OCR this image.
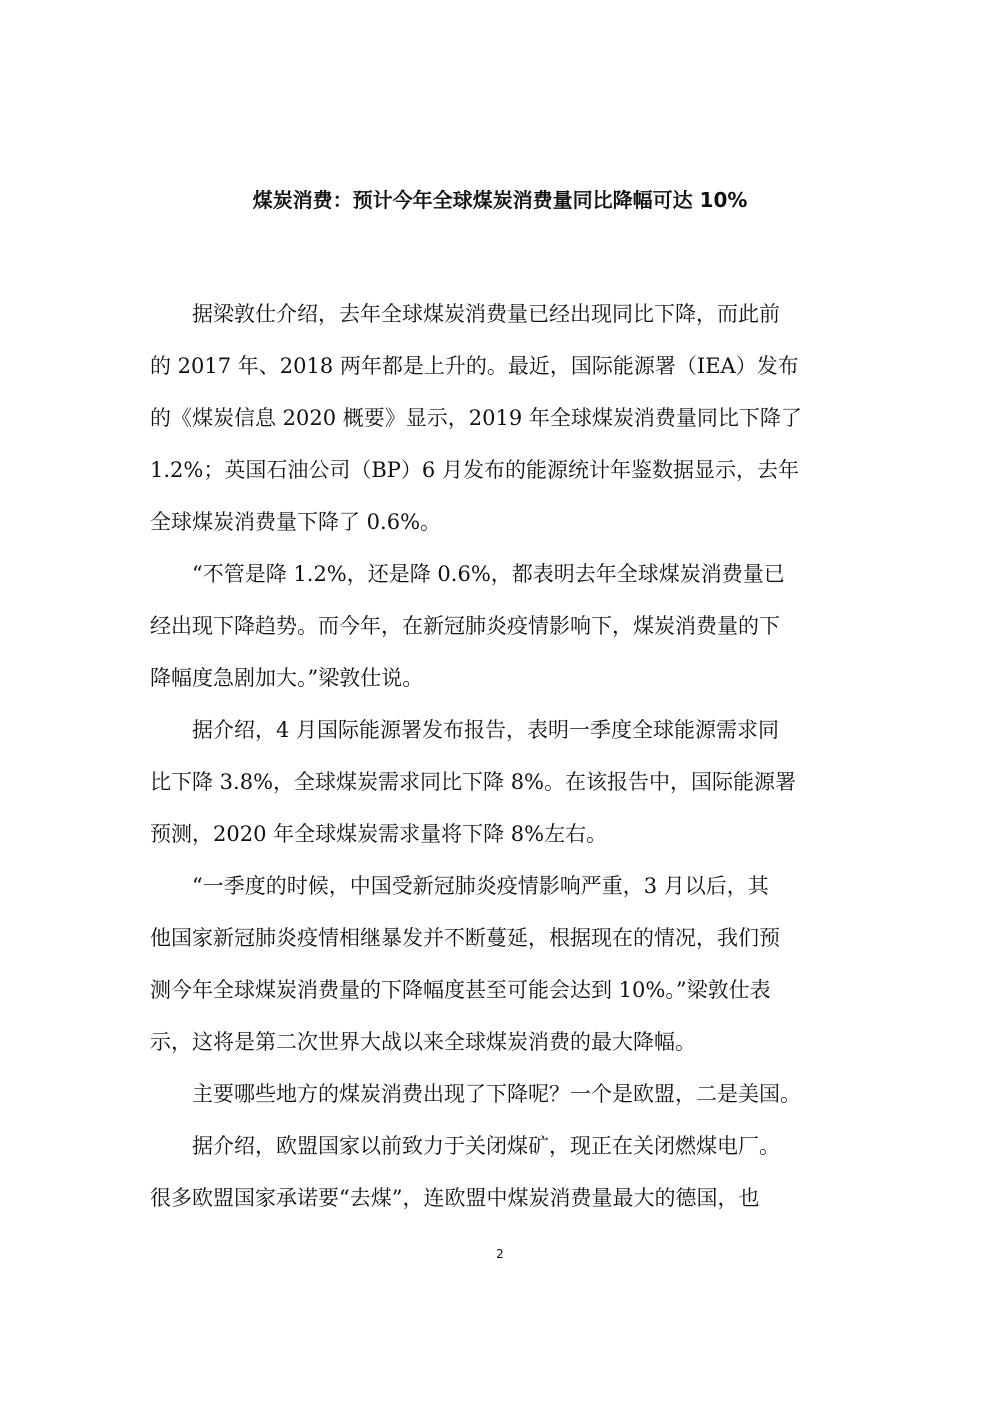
煤炭消费：预计今年全球煤炭消费量同比降幅可达 10%
据梁敦仕介绍，去年全球煤炭消费量已经出现同比下降，而此前
的 2017 年、2018 两年都是上升的。最近，国际能源署（IEA）发布
的《煤炭信息 2020 概要》显示，2019 年全球煤炭消费量同比下降了
1.2%；英国石油公司（BP）6 月发布的能源统计年鉴数据显示，去年
全球煤炭消费量下降了 0.6%。
“不管是降 1.2%，还是降 0.6%，都表明去年全球煤炭消费量已
经出现下降趋势。而今年，在新冠肺炎疫情影响下，煤炭消费量的下
降幅度急剧加大。”梁敦仕说。
据介绍，4 月国际能源署发布报告，表明一季度全球能源需求同
比下降 3.8%，全球煤炭需求同比下降 8%。在该报告中，国际能源署
预测，2020 年全球煤炭需求量将下降 8%左右。
“一季度的时候，中国受新冠肺炎疫情影响严重，3 月以后，其
他国家新冠肺炎疫情相继暴发并不断蔓延，根据现在的情况，我们预
测今年全球煤炭消费量的下降幅度甚至可能会达到 10%。”梁敦仕表
示，这将是第二次世界大战以来全球煤炭消费的最大降幅。
主要哪些地方的煤炭消费出现了下降呢？一个是欧盟，二是美国。
据介绍，欧盟国家以前致力于关闭煤矿，现正在关闭燃煤电厂。
很多欧盟国家承诺要“去煤”，连欧盟中煤炭消费量最大的德国，也
2
